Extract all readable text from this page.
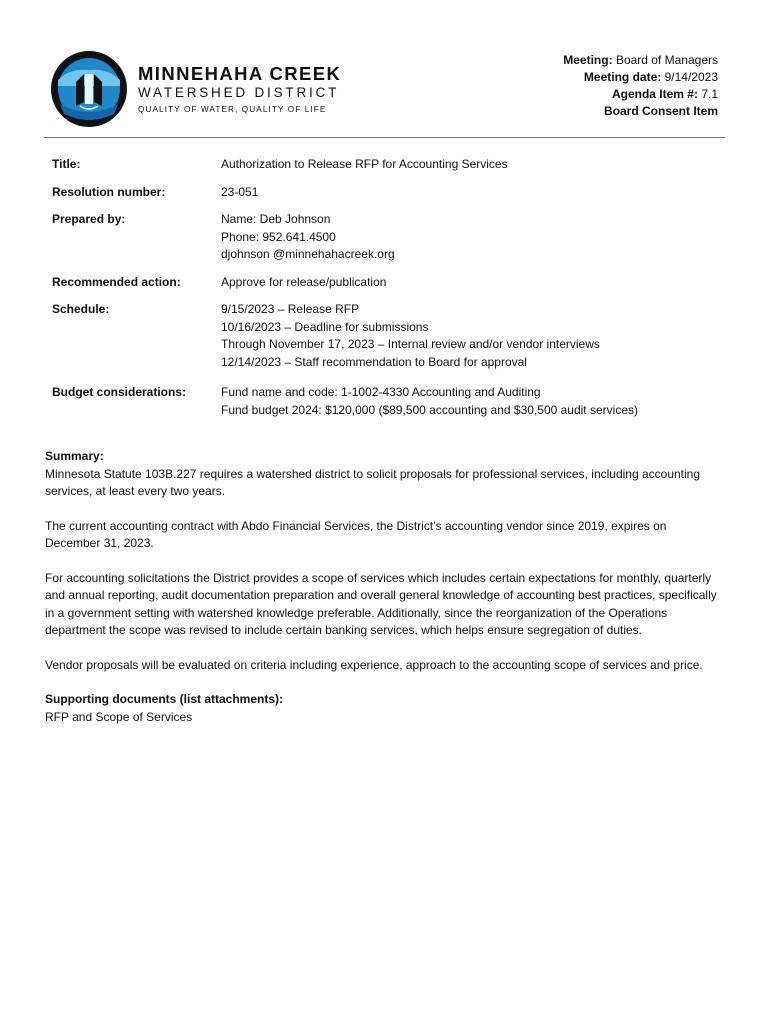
MINNEHAHA CREEK
WATERSHED DISTRICT
QUALITY OF WATER, QUALITY OF LIFE
Meeting: Board of Managers
Meeting date: 9/14/2023
Agenda Item #: 7.1
Board Consent Item
Title:	Authorization to Release RFP for Accounting Services
Resolution number:	23-051
Prepared by:	Name: Deb Johnson
Phone: 952.641.4500
djohnson @minnehahacreek.org
Recommended action:	Approve for release/publication
Schedule:	9/15/2023 – Release RFP
10/16/2023 – Deadline for submissions
Through November 17, 2023 – Internal review and/or vendor interviews
12/14/2023 – Staff recommendation to Board for approval
Budget considerations:	Fund name and code: 1-1002-4330 Accounting and Auditing
Fund budget 2024: $120,000 ($89,500 accounting and $30,500 audit services)
Summary:

Minnesota Statute 103B.227 requires a watershed district to solicit proposals for professional services, including accounting services, at least every two years.

The current accounting contract with Abdo Financial Services, the District’s accounting vendor since 2019, expires on December 31, 2023.

For accounting solicitations the District provides a scope of services which includes certain expectations for monthly, quarterly and annual reporting, audit documentation preparation and overall general knowledge of accounting best practices, specifically in a government setting with watershed knowledge preferable. Additionally, since the reorganization of the Operations department the scope was revised to include certain banking services, which helps ensure segregation of duties.

Vendor proposals will be evaluated on criteria including experience, approach to the accounting scope of services and price.

Supporting documents (list attachments):
RFP and Scope of Services
